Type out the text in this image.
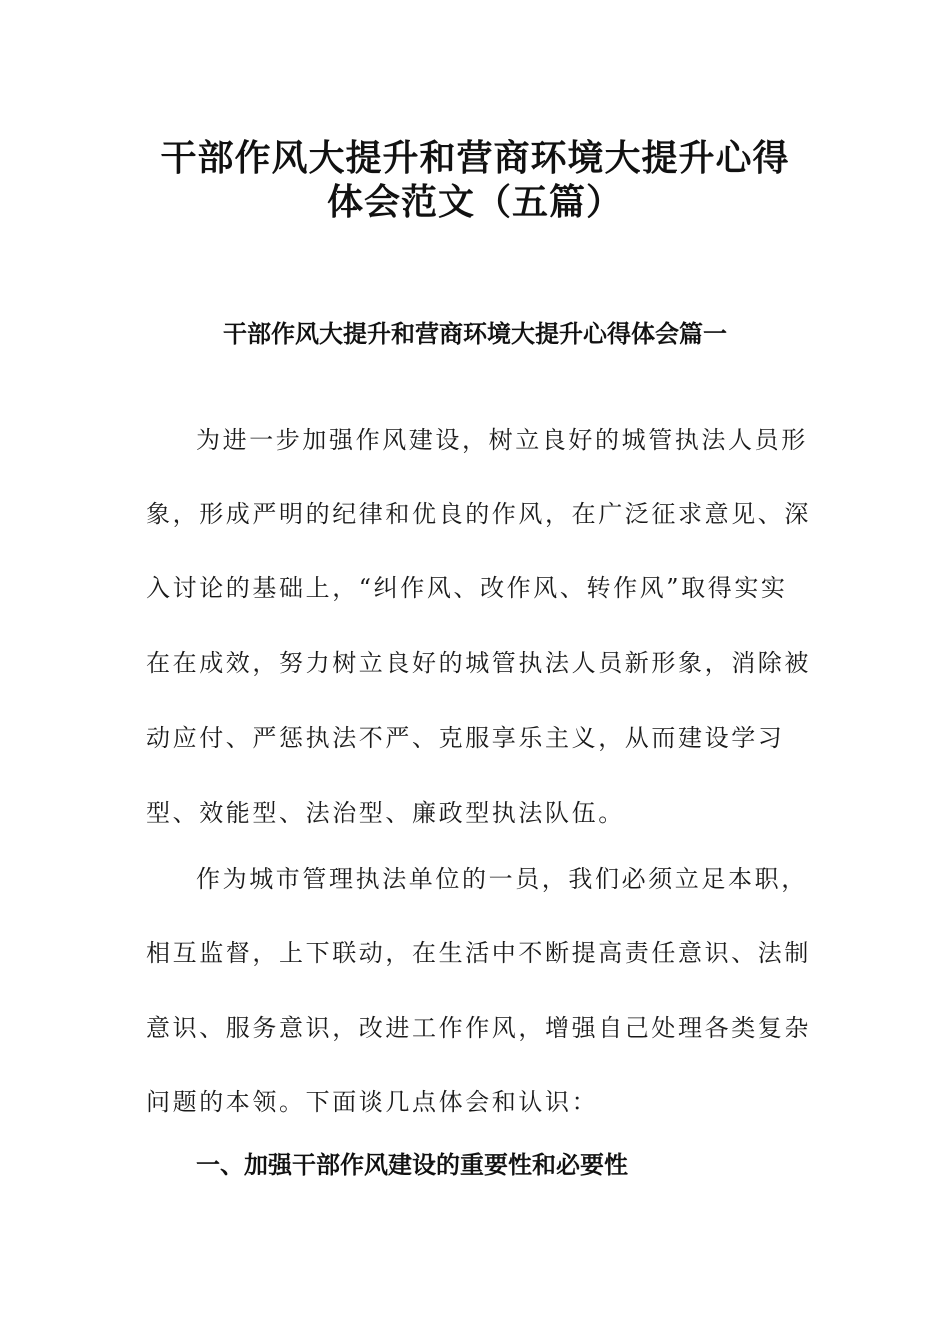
干部作风大提升和营商环境大提升心得
体会范文（五篇）
干部作风大提升和营商环境大提升心得体会篇一
为进一步加强作风建设，树立良好的城管执法人员形
象，形成严明的纪律和优良的作风，在广泛征求意见、深
入讨论的基础上，“纠作风、改作风、转作风”取得实实
在在成效，努力树立良好的城管执法人员新形象，消除被
动应付、严惩执法不严、克服享乐主义，从而建设学习
型、效能型、法治型、廉政型执法队伍。
作为城市管理执法单位的一员，我们必须立足本职，
相互监督，上下联动，在生活中不断提高责任意识、法制
意识、服务意识，改进工作作风，增强自己处理各类复杂
问题的本领。下面谈几点体会和认识：
一、加强干部作风建设的重要性和必要性
